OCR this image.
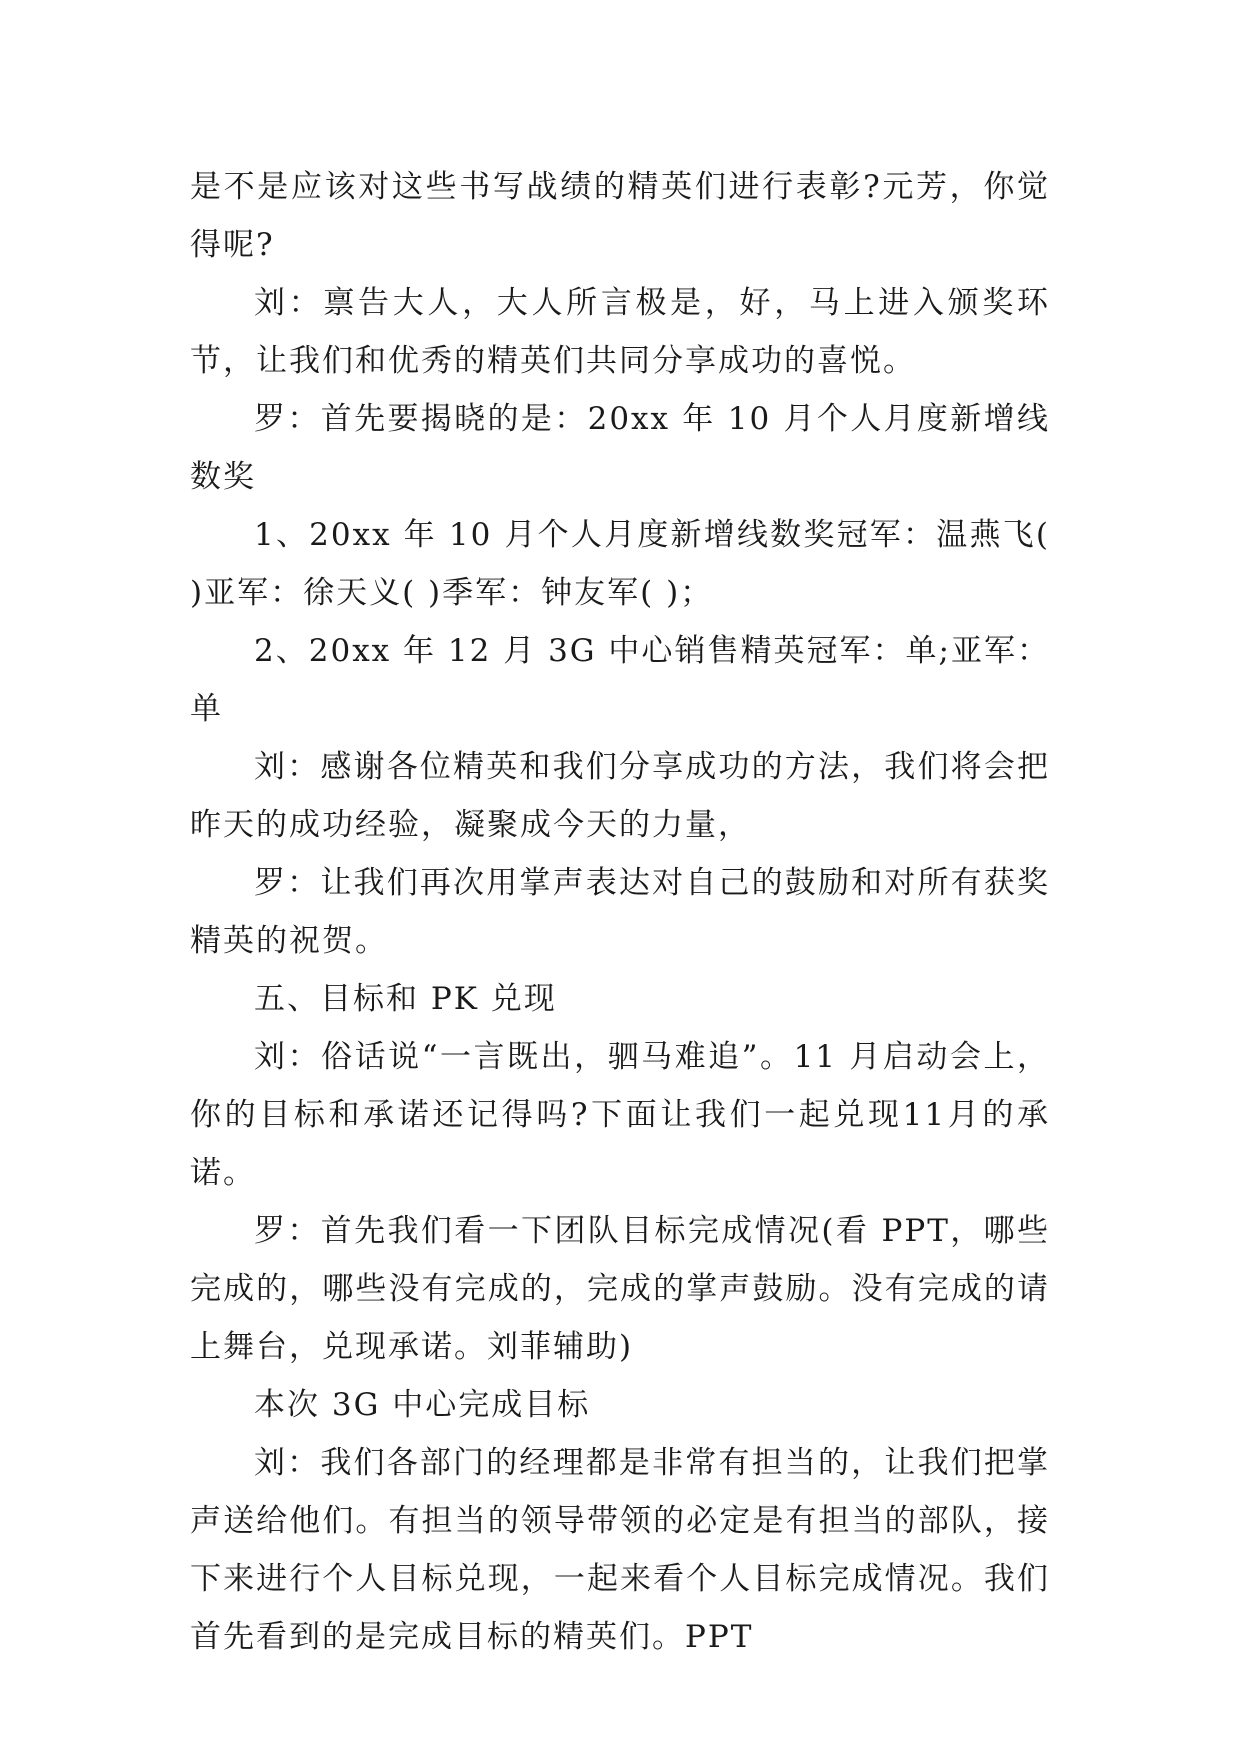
是不是应该对这些书写战绩的精英们进行表彰?元芳，你觉得呢?

刘：禀告大人，大人所言极是，好，马上进入颁奖环节，让我们和优秀的精英们共同分享成功的喜悦。

罗：首先要揭晓的是：20xx 年 10 月个人月度新增线数奖

1、20xx 年 10 月个人月度新增线数奖冠军：温燕飞( )亚军：徐天义( )季军：钟友军( )；

2、20xx 年 12 月 3G 中心销售精英冠军：单;亚军：单

刘：感谢各位精英和我们分享成功的方法，我们将会把昨天的成功经验，凝聚成今天的力量，

罗：让我们再次用掌声表达对自己的鼓励和对所有获奖精英的祝贺。

五、目标和 PK 兑现

刘：俗话说“一言既出，驷马难追”。11 月启动会上，你的目标和承诺还记得吗?下面让我们一起兑现11月的承诺。

罗：首先我们看一下团队目标完成情况(看 PPT，哪些完成的，哪些没有完成的，完成的掌声鼓励。没有完成的请上舞台，兑现承诺。刘菲辅助)

本次 3G 中心完成目标

刘：我们各部门的经理都是非常有担当的，让我们把掌声送给他们。有担当的领导带领的必定是有担当的部队，接下来进行个人目标兑现，一起来看个人目标完成情况。我们首先看到的是完成目标的精英们。PPT
